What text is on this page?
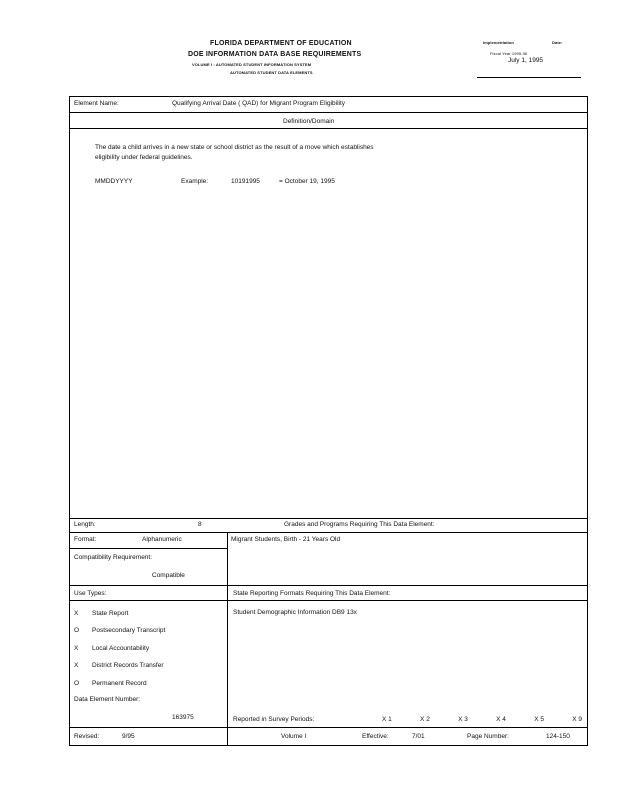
FLORIDA DEPARTMENT OF EDUCATION
DOE INFORMATION DATA BASE REQUIREMENTS
VOLUME I : AUTOMATED STUDENT INFORMATION SYSTEM
AUTOMATED STUDENT DATA ELEMENTS
Implementation	Date:
Fiscal Year 1995-96
July 1, 1995
Element Name:	Qualifying Arrival Date ( QAD) for Migrant Program Eligibility
Definition/Domain
The date a child arrives in a new state or school district as the result of a move which establishes
eligibility under federal guidelines.
MMDDYYYY	Example:	10191995	= October 19, 1995
Length:	8	Grades and Programs Requiring This Data Element:
Format:	Alphanumeric	Migrant Students, Birth - 21 Years Old
Compatibility Requirement:
Compatible
Use Types:
X State Report
O Postsecondary Transcript
X Local Accountability
X District Records Transfer
O Permanent Record
State Reporting Formats Requiring This Data Element:
Student Demographic Information DB9 13x
Data Element Number:
163975	Reported in Survey Periods:	X 1	X 2	X 3	X 4	X 5	X 9
Revised:	9/95	Volume I	Effective:	7/01	Page Number:	124-150
